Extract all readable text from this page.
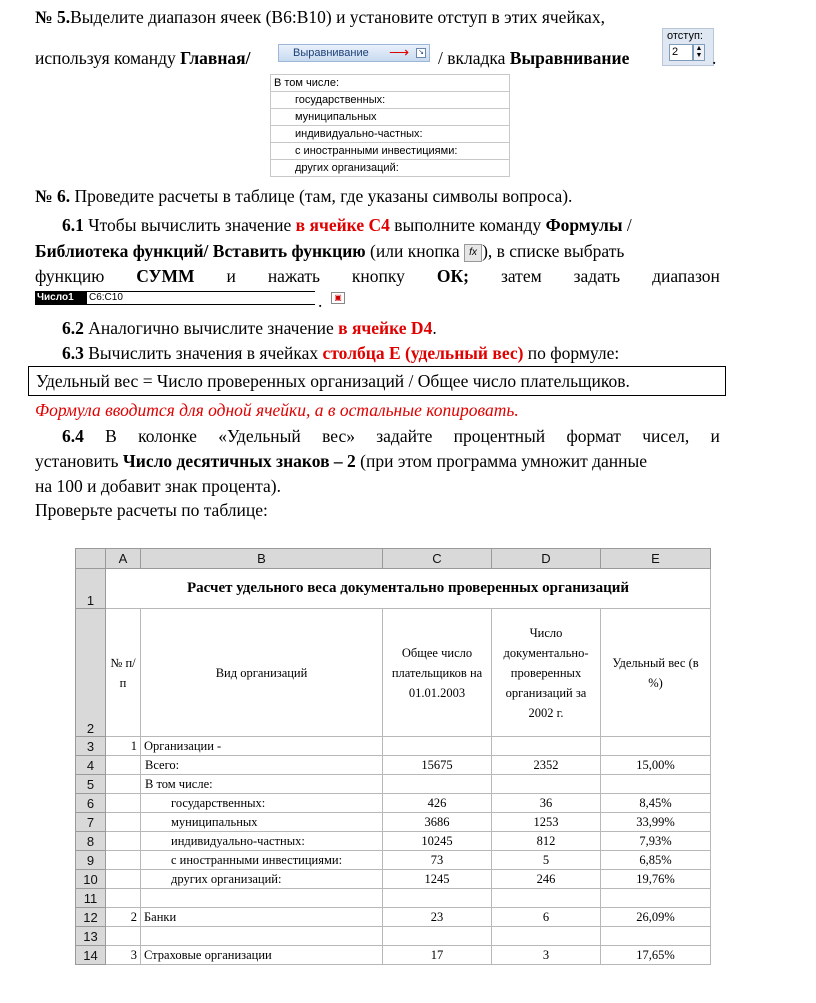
№ 5.Выделите диапазон ячеек (B6:B10) и установите отступ в этих ячейках,
используя команду Главная/	Выравнивание ⟶ ↘ / вкладка Выравнивание
отступ:
2	▲
▼ .
В том числе:
государственных:
муниципальных
индивидуально-частных:
с иностранными инвестициями:
других организаций:
№ 6. Проведите расчеты в таблице (там, где указаны символы вопроса).
6.1 Чтобы вычислить значение в ячейке С4 выполните команду Формулы /
Библиотека функций/ Вставить функцию (или кнопка fx ), в списке выбрать
функцию СУММ и нажать кнопку ОК; затем задать диапазон
Число1 C6:C10	▣
.
6.2 Аналогично вычислите значение в ячейке D4.
6.3 Вычислить значения в ячейках столбца Е (удельный вес) по формуле:
Удельный вес = Число проверенных организаций / Общее число плательщиков.
Формула вводится для одной ячейки, а в остальные копировать.
6.4 В колонке «Удельный вес» задайте процентный формат чисел, и
установить Число десятичных знаков – 2 (при этом программа умножит данные
на 100 и добавит знак процента).
Проверьте расчеты по таблице:
	A	B	C	D	E
1	Расчет удельного веса документально проверенных организаций				
2	№ п/п	Вид организаций	Общее число плательщиков на 01.01.2003	Число документально-проверенных организаций за 2002 г.	Удельный вес (в %)
3	1	Организации -			
4		Всего:	15675	2352	15,00%
5		В том числе:			
6		государственных:	426	36	8,45%
7		муниципальных	3686	1253	33,99%
8		индивидуально-частных:	10245	812	7,93%
9		с иностранными инвестициями:	73	5	6,85%
10		других организаций:	1245	246	19,76%
11					
12	2	Банки	23	6	26,09%
13					
14	3	Страховые организации	17	3	17,65%
